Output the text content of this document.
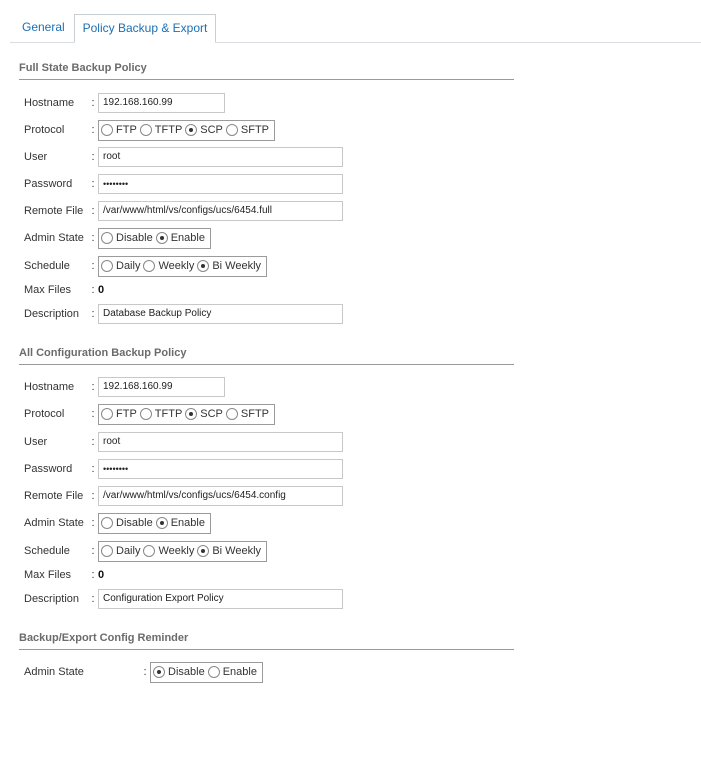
General	Policy Backup & Export
Full State Backup Policy
Hostname	: 192.168.160.99
Protocol	:	FTP TFTP SCP SFTP
User	: root
Password	: ••••••••
Remote File : /var/www/html/vs/configs/ucs/6454.full
Admin State :	Disable Enable
Schedule	:	Daily Weekly Bi Weekly
Max Files	: 0
Description	: Database Backup Policy
All Configuration Backup Policy
Hostname	: 192.168.160.99
Protocol	:	FTP TFTP SCP SFTP
User	: root
Password	: ••••••••
Remote File : /var/www/html/vs/configs/ucs/6454.config
Admin State :	Disable Enable
Schedule	:	Daily Weekly Bi Weekly
Max Files	: 0
Description	: Configuration Export Policy
Backup/Export Config Reminder
Admin State	:	Disable Enable
